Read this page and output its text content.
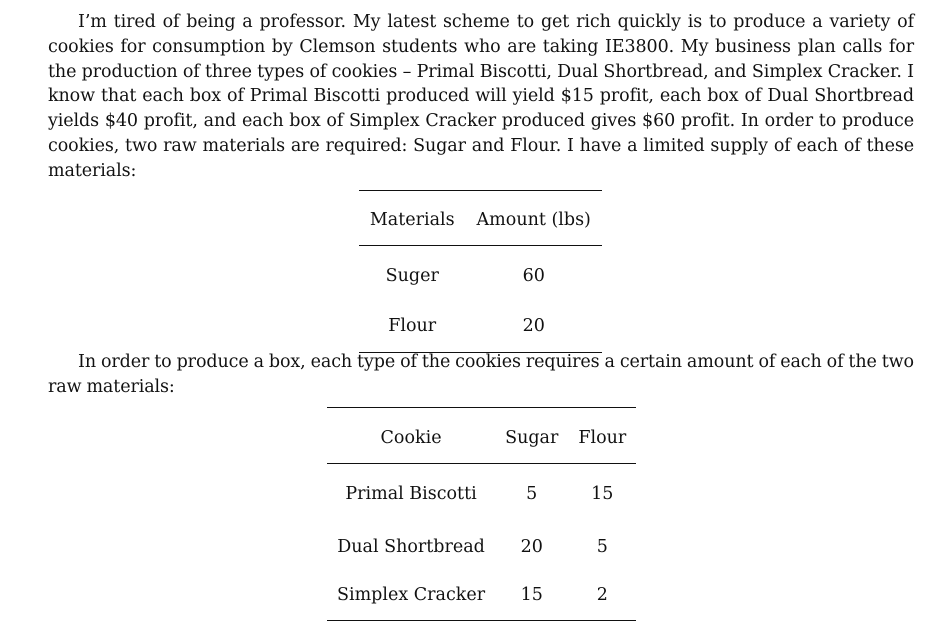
I’m tired of being a professor. My latest scheme to get rich quickly is to produce a variety of cookies for consumption by Clemson students who are taking IE3800. My business plan calls for the production of three types of cookies – Primal Biscotti, Dual Shortbread, and Simplex Cracker. I know that each box of Primal Biscotti produced will yield $15 profit, each box of Dual Shortbread yields $40 profit, and each box of Simplex Cracker produced gives $60 profit. In order to produce cookies, two raw materials are required: Sugar and Flour. I have a limited supply of each of these materials:

Materials	Amount (lbs)
Suger	60
Flour	20

In order to produce a box, each type of the cookies requires a certain amount of each of the two raw materials:

Cookie	Sugar	Flour
Primal Biscotti	5	15
Dual Shortbread	20	5
Simplex Cracker	15	2
